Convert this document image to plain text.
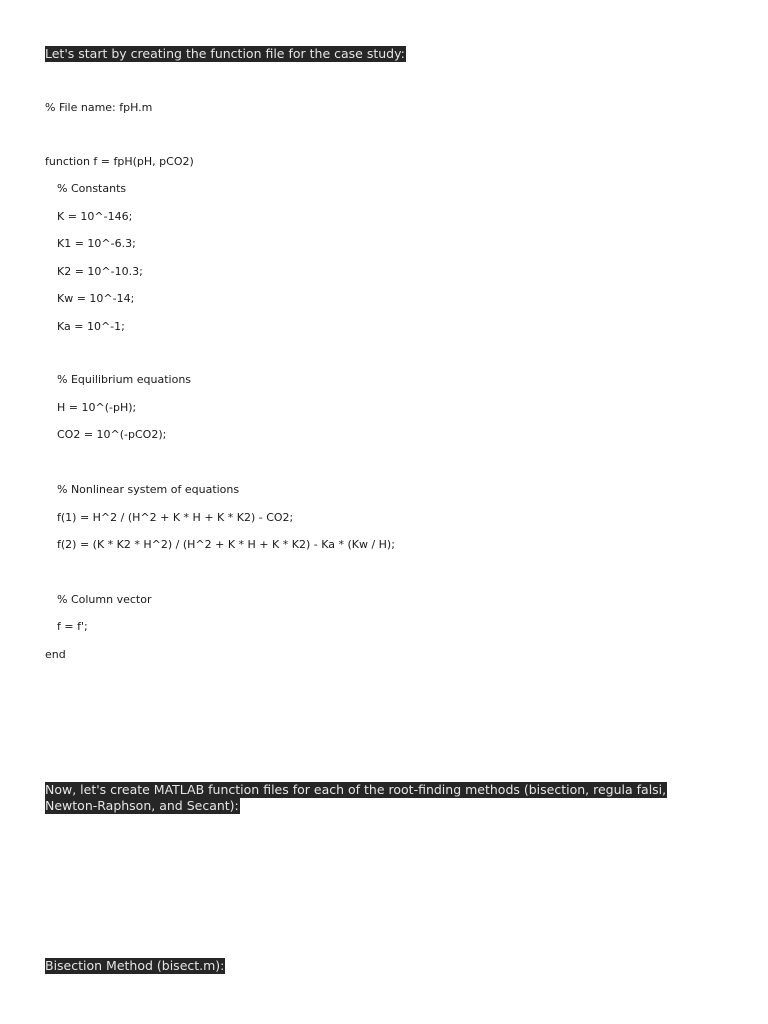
Let's start by creating the function file for the case study:

% File name: fpH.m

function f = fpH(pH, pCO2)

% Constants

K = 10^-146;

K1 = 10^-6.3;

K2 = 10^-10.3;

Kw = 10^-14;

Ka = 10^-1;

% Equilibrium equations

H = 10^(-pH);

CO2 = 10^(-pCO2);

% Nonlinear system of equations

f(1) = H^2 / (H^2 + K * H + K * K2) - CO2;

f(2) = (K * K2 * H^2) / (H^2 + K * H + K * K2) - Ka * (Kw / H);

% Column vector

f = f';

end

Now, let's create MATLAB function files for each of the root-finding methods (bisection, regula falsi, Newton-Raphson, and Secant):

Bisection Method (bisect.m):
